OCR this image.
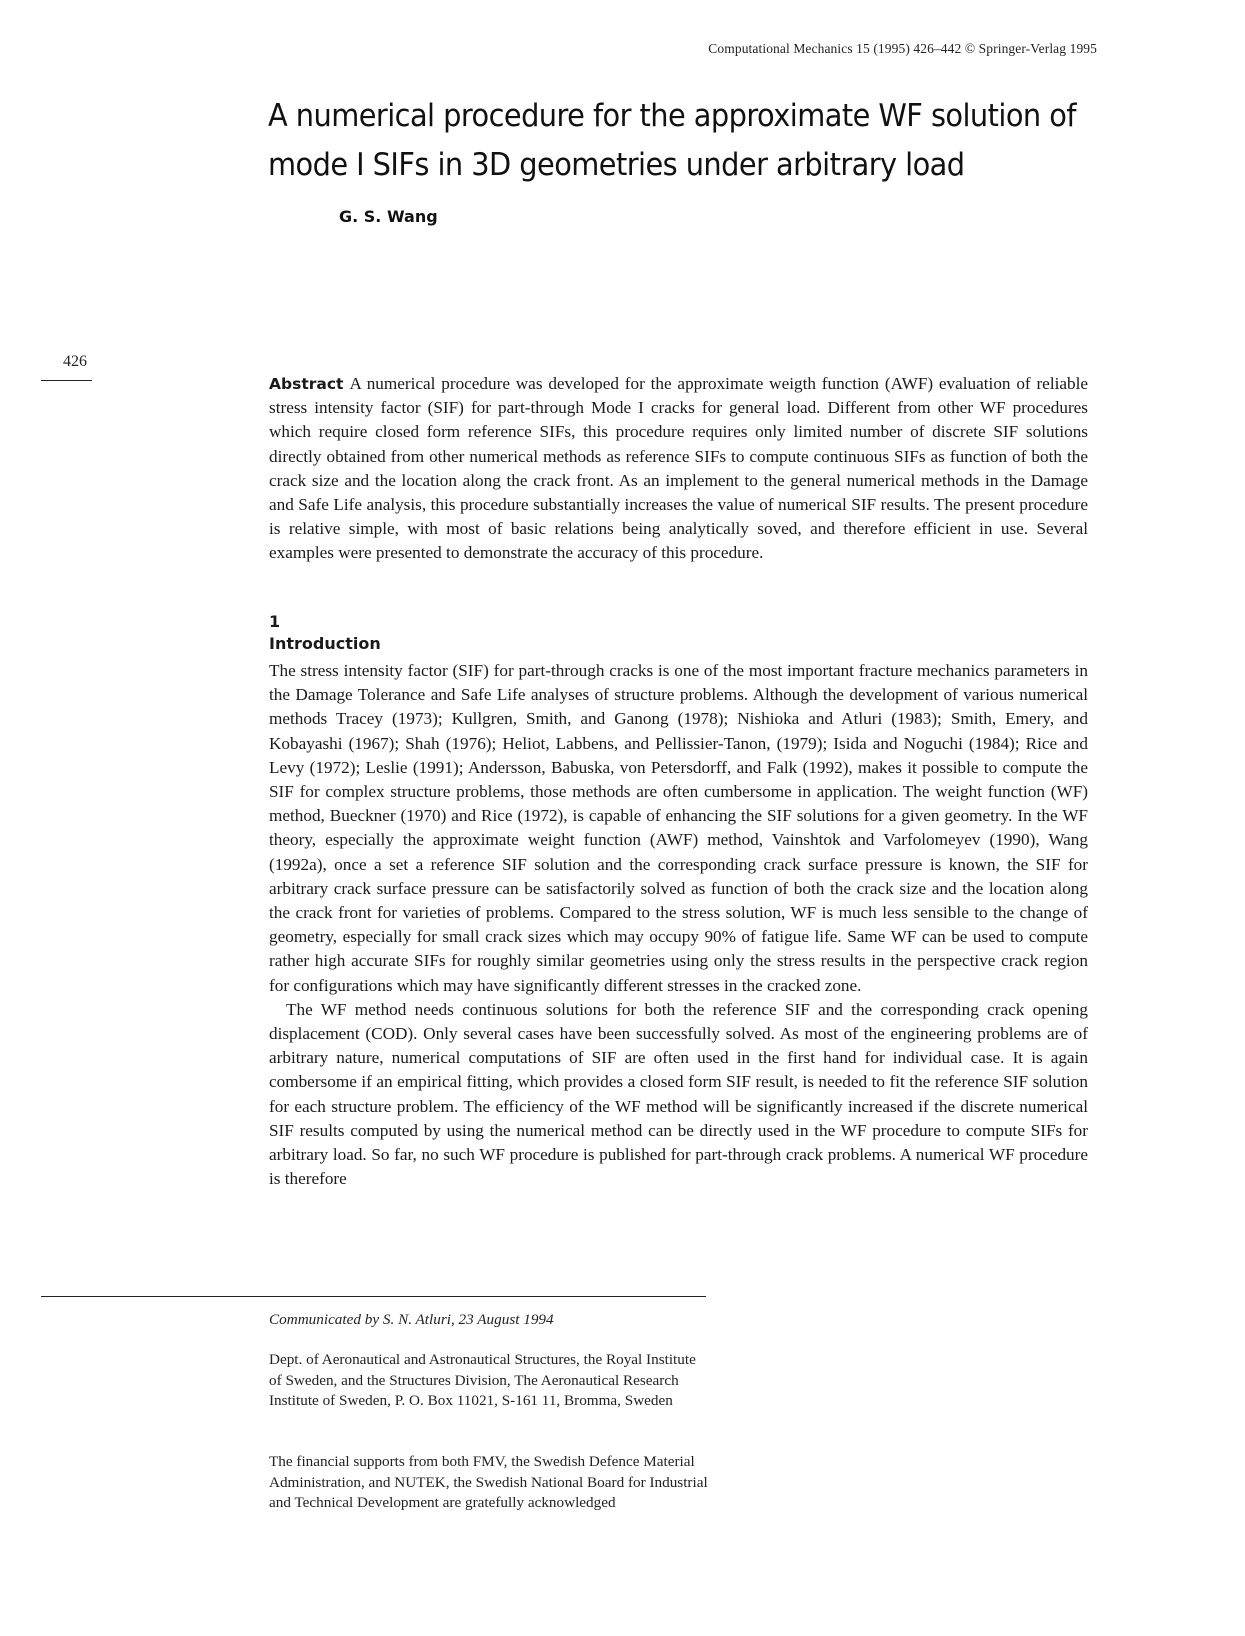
Computational Mechanics 15 (1995) 426–442 © Springer-Verlag 1995
A numerical procedure for the approximate WF solution of
mode I SIFs in 3D geometries under arbitrary load
G. S. Wang
426
Abstract A numerical procedure was developed for the approximate weigth function (AWF) evaluation of reliable stress intensity factor (SIF) for part-through Mode I cracks for general load. Different from other WF procedures which require closed form reference SIFs, this procedure requires only limited number of discrete SIF solutions directly obtained from other numerical methods as reference SIFs to compute continuous SIFs as function of both the crack size and the location along the crack front. As an implement to the general numerical methods in the Damage and Safe Life analysis, this procedure substantially increases the value of numerical SIF results. The present procedure is relative simple, with most of basic relations being analytically soved, and therefore efficient in use. Several examples were presented to demonstrate the accuracy of this procedure.
1
Introduction

The stress intensity factor (SIF) for part-through cracks is one of the most important fracture mechanics parameters in the Damage Tolerance and Safe Life analyses of structure problems. Although the development of various numerical methods Tracey (1973); Kullgren, Smith, and Ganong (1978); Nishioka and Atluri (1983); Smith, Emery, and Kobayashi (1967); Shah (1976); Heliot, Labbens, and Pellissier-Tanon, (1979); Isida and Noguchi (1984); Rice and Levy (1972); Leslie (1991); Andersson, Babuska, von Petersdorff, and Falk (1992), makes it possible to compute the SIF for complex structure problems, those methods are often cumbersome in application. The weight function (WF) method, Bueckner (1970) and Rice (1972), is capable of enhancing the SIF solutions for a given geometry. In the WF theory, especially the approximate weight function (AWF) method, Vainshtok and Varfolomeyev (1990), Wang (1992a), once a set a reference SIF solution and the corresponding crack surface pressure is known, the SIF for arbitrary crack surface pressure can be satisfactorily solved as function of both the crack size and the location along the crack front for varieties of problems. Compared to the stress solution, WF is much less sensible to the change of geometry, especially for small crack sizes which may occupy 90% of fatigue life. Same WF can be used to compute rather high accurate SIFs for roughly similar geometries using only the stress results in the perspective crack region for configurations which may have significantly different stresses in the cracked zone.

The WF method needs continuous solutions for both the reference SIF and the corresponding crack opening displacement (COD). Only several cases have been successfully solved. As most of the engineering problems are of arbitrary nature, numerical computations of SIF are often used in the first hand for individual case. It is again combersome if an empirical fitting, which provides a closed form SIF result, is needed to fit the reference SIF solution for each structure problem. The efficiency of the WF method will be significantly increased if the discrete numerical SIF results computed by using the numerical method can be directly used in the WF procedure to compute SIFs for arbitrary load. So far, no such WF procedure is published for part-through crack problems. A numerical WF procedure is therefore

Communicated by S. N. Atluri, 23 August 1994

Dept. of Aeronautical and Astronautical Structures, the Royal Institute of Sweden, and the Structures Division, The Aeronautical Research Institute of Sweden, P. O. Box 11021, S-161 11, Bromma, Sweden

The financial supports from both FMV, the Swedish Defence Material Administration, and NUTEK, the Swedish National Board for Industrial and Technical Development are gratefully acknowledged
